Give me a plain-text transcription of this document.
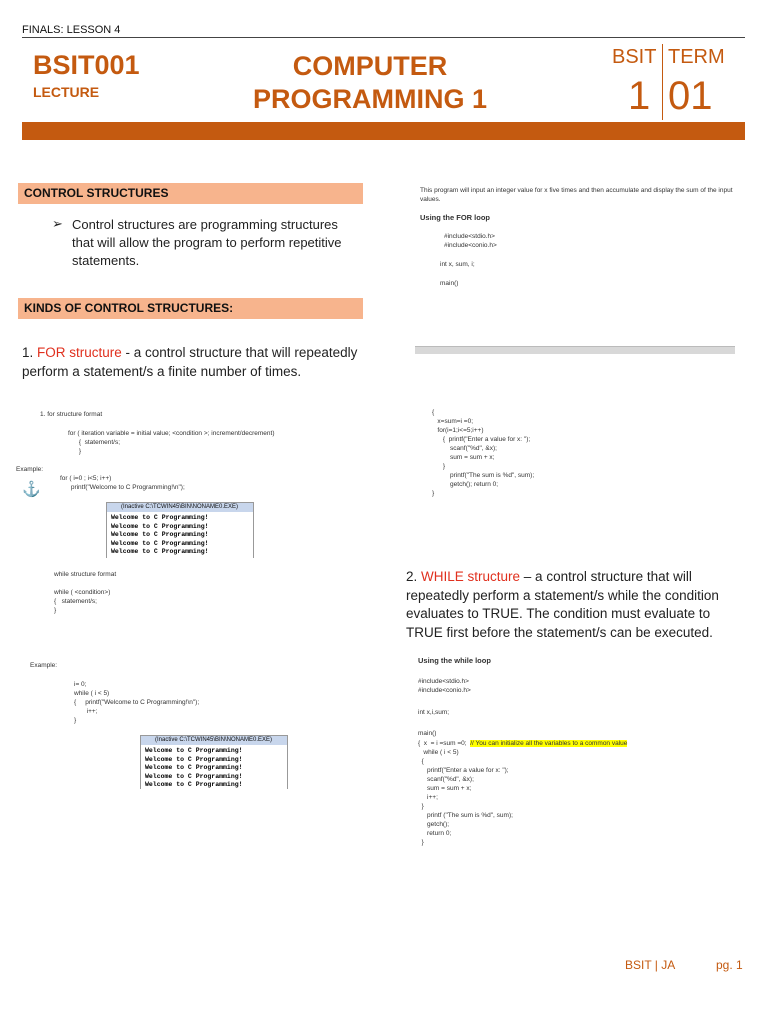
FINALS: LESSON 4
BSIT001
LECTURE
COMPUTER
PROGRAMMING 1
BSIT TERM
1 01
CONTROL STRUCTURES
➢ Control structures are programming structures that will allow the program to perform repetitive statements.
KINDS OF CONTROL STRUCTURES:
1. FOR structure - a control structure that will repeatedly perform a statement/s a finite number of times.
1. for structure format
for ( iteration variable = initial value; <condition >; increment/decrement)
{  statement/s;
}
Example:
for ( i=0 ; i<5; i++)
printf("Welcome to C Programming!\n");
⚓
(Inactive C:\TCWIN45\BIN\NONAME0.EXE)
Welcome to C Programming!
Welcome to C Programming!
Welcome to C Programming!
Welcome to C Programming!
Welcome to C Programming!
while structure format
while ( <condition>)
{   statement/s;
}
Example:
i= 0;
while ( i < 5)
{     printf("Welcome to C Programming!\n");
i++;
}
(Inactive C:\TCWIN45\BIN\NONAME0.EXE)
Welcome to C Programming!
Welcome to C Programming!
Welcome to C Programming!
Welcome to C Programming!
Welcome to C Programming!
This program will input an integer value for x five times and then accumulate and display the sum of the input values.
Using the FOR loop
#include<stdio.h>
#include<conio.h>
int x, sum, i;
main()
{
x=sum=i =0;
for(i=1;i<=5;i++)
{  printf("Enter a value for x: ");
scanf("%d", &x);
sum = sum + x;
}
printf("The sum is %d", sum);
getch(); return 0;
}
2. WHILE structure – a control structure that will repeatedly perform a statement/s while the condition evaluates to TRUE. The condition must evaluate to TRUE first before the statement/s can be executed.
Using the while loop
#include<stdio.h>
#include<conio.h>
int x,i,sum;
main()
{  x  = i =sum =0;  // You can initialize all the variables to a common value
while ( i < 5)
{
printf("Enter a value for x: ");
scanf("%d", &x);
sum = sum + x;
i++;
}
printf ("The sum is %d", sum);
getch();
return 0;
}
BSIT | JA	pg. 1
